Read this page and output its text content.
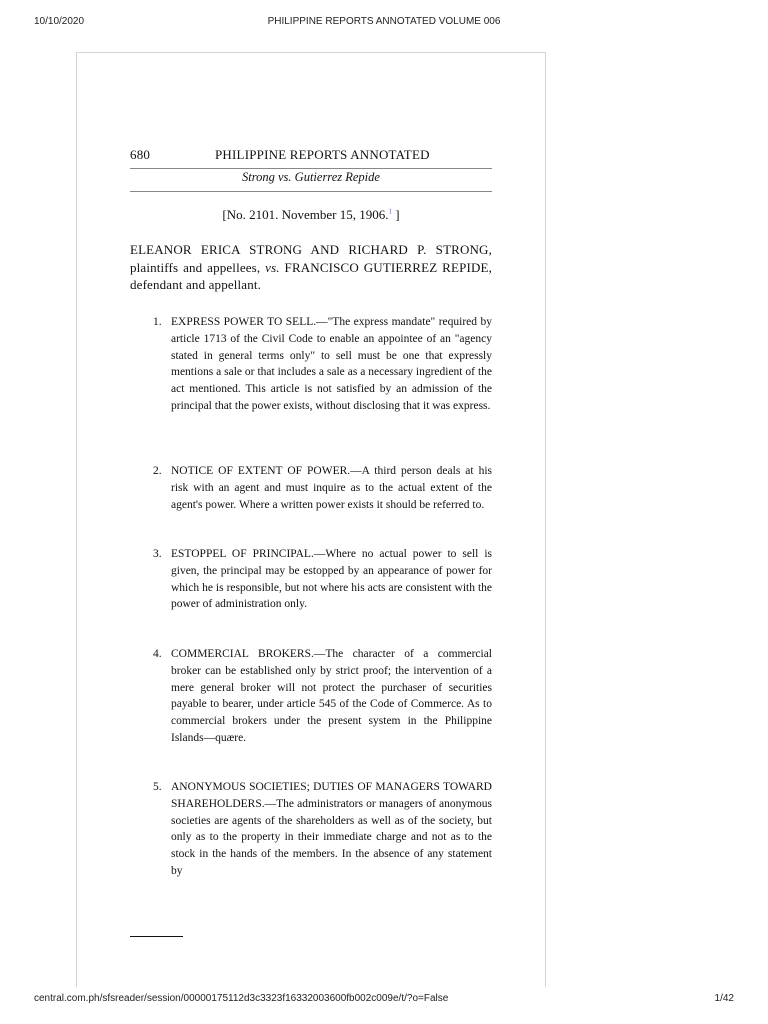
10/10/2020	PHILIPPINE REPORTS ANNOTATED VOLUME 006
680	PHILIPPINE REPORTS ANNOTATED
Strong vs. Gutierrez Repide
[No. 2101. November 15, 1906.$^1$ ]
ELEANOR ERICA STRONG AND RICHARD P. STRONG, plaintiffs and appellees, vs. FRANCISCO GUTIERREZ REPIDE, defendant and appellant.
1. EXPRESS POWER TO SELL.—"The express mandate" required by article 1713 of the Civil Code to enable an appointee of an "agency stated in general terms only" to sell must be one that expressly mentions a sale or that includes a sale as a necessary ingredient of the act mentioned. This article is not satisfied by an admission of the principal that the power exists, without disclosing that it was express.
2. NOTICE OF EXTENT OF POWER.—A third person deals at his risk with an agent and must inquire as to the actual extent of the agent's power. Where a written power exists it should be referred to.
3. ESTOPPEL OF PRINCIPAL.—Where no actual power to sell is given, the principal may be estopped by an appearance of power for which he is responsible, but not where his acts are consistent with the power of administration only.
4. COMMERCIAL BROKERS.—The character of a commercial broker can be established only by strict proof; the intervention of a mere general broker will not protect the purchaser of securities payable to bearer, under article 545 of the Code of Commerce. As to commercial brokers under the present system in the Philippine Islands—quære.
5. ANONYMOUS SOCIETIES; DUTIES OF MANAGERS TOWARD SHAREHOLDERS.—The administrators or managers of anonymous societies are agents of the shareholders as well as of the society, but only as to the property in their immediate charge and not as to the stock in the hands of the members. In the absence of any statement by
central.com.ph/sfsreader/session/00000175112d3c3323f16332003600fb002c009e/t/?o=False	1/42
